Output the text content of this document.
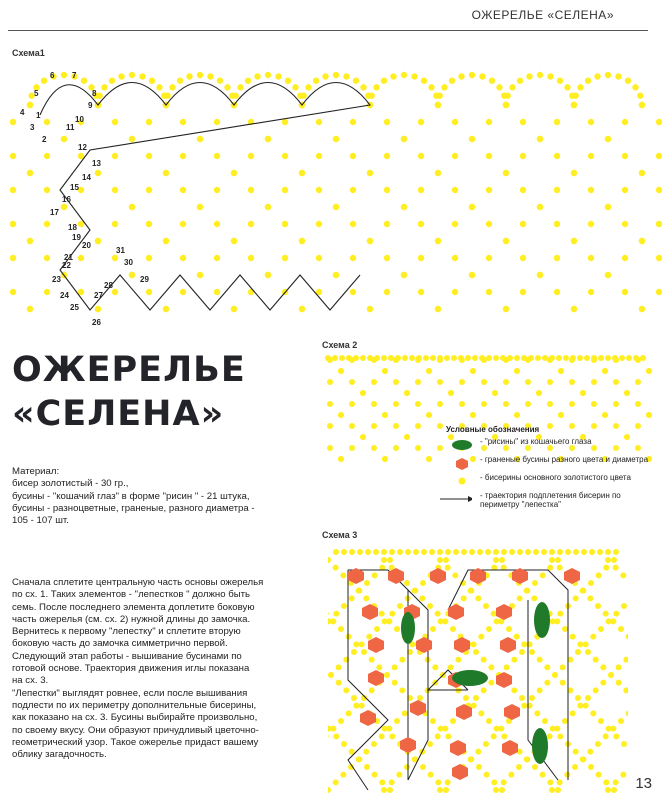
ОЖЕРЕЛЬЕ «СЕЛЕНА»
Схема1
Схема 2
Схема 3
1
2
3
4
5
6 7
8
9
10
11
12
13
14
15
16
17
18
19
20
21
22
23
24
25
26
27
28
29
30
31
Условные обозначения
- "рисины" из кошачьего глаза
- граненые бусины разного цвета и диаметра
- бисерины основного золотистого цвета
- траектория подплетения бисерин по периметру "лепестка"
ОЖЕРЕЛЬЕ
«СЕЛЕНА»

Материал:

бисер золотистый - 30 гр.,

бусины - "кошачий глаз" в форме "рисин " - 21 штука,

бусины - разноцветные, граненые, разного диаметра -

105 - 107 шт.

Сначала сплетите центральную часть основы ожерелья

по сх. 1. Таких элементов - "лепестков " должно быть

семь. После последнего элемента доплетите боковую

часть ожерелья (см. сх. 2) нужной длины до замочка.

Вернитесь к первому "лепестку" и сплетите вторую

боковую часть до замочка симметрично первой.

Следующий этап работы - вышивание бусинами по

готовой основе. Траектория движения иглы показана

на сх. 3.

"Лепестки" выглядят ровнее, если после вышивания

подлести по их периметру дополнительные бисерины,

как показано на сх. 3. Бусины выбирайте произвольно,

по своему вкусу. Они образуют причудливый цветочно-

геометрический узор. Такое ожерелье придаст вашему

облику загадочность.

13
